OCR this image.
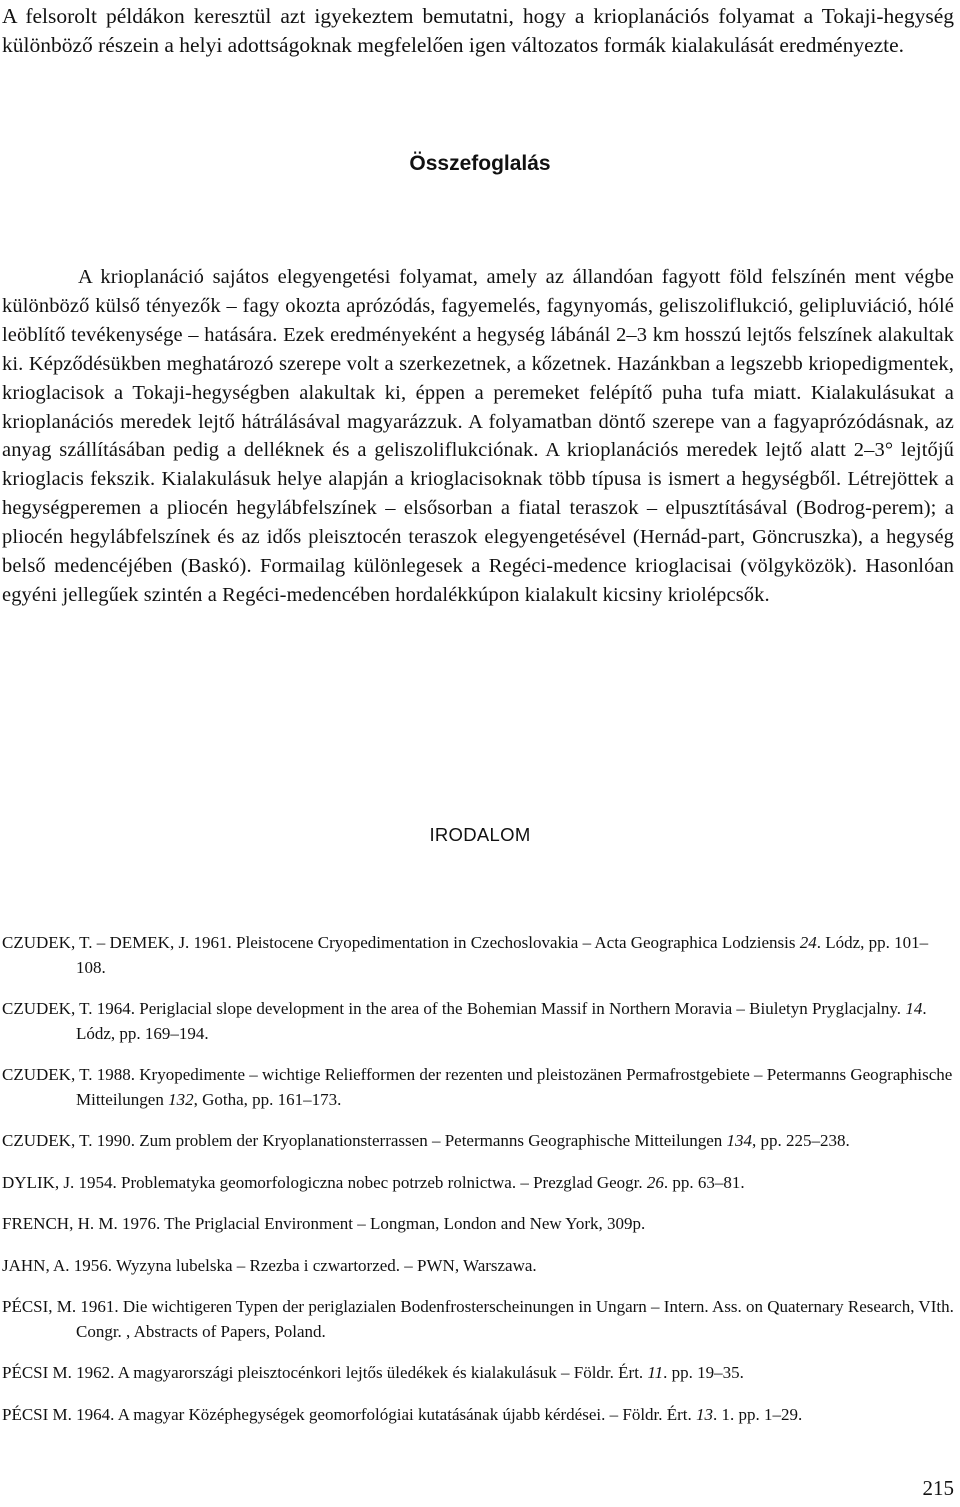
A felsorolt példákon keresztül azt igyekeztem bemutatni, hogy a krioplanációs folyamat a Tokaji-hegység különböző részein a helyi adottságoknak megfelelően igen változatos formák kialakulását eredményezte.

Összefoglalás

A krioplanáció sajátos elegyengetési folyamat, amely az állandóan fagyott föld felszínén ment végbe különböző külső tényezők – fagy okozta aprózódás, fagyemelés, fagynyomás, geliszoliflukció, gelipluviáció, hólé leöblítő tevékenysége – hatására. Ezek eredményeként a hegység lábánál 2–3 km hosszú lejtős felszínek alakultak ki. Képződésükben meghatározó szerepe volt a szerkezetnek, a kőzetnek. Hazánkban a legszebb kriopedigmentek, krioglacisok a Tokaji-hegységben alakultak ki, éppen a peremeket felépítő puha tufa miatt. Kialakulásukat a krioplanációs meredek lejtő hátrálásával magyarázzuk. A folyamatban döntő szerepe van a fagyaprózódásnak, az anyag szállításában pedig a delléknek és a geliszoliflukciónak. A krioplanációs meredek lejtő alatt 2–3° lejtőjű krioglacis fekszik. Kialakulásuk helye alapján a krioglacisoknak több típusa is ismert a hegységből. Létrejöttek a hegységperemen a pliocén hegylábfelszínek – elsősorban a fiatal teraszok – elpusztításával (Bodrog-perem); a pliocén hegylábfelszínek és az idős pleisztocén teraszok elegyengetésével (Hernád-part, Göncruszka), a hegység belső medencéjében (Baskó). Formailag különlegesek a Regéci-medence krioglacisai (völgyközök). Hasonlóan egyéni jellegűek szintén a Regéci-medencében hordalékkúpon kialakult kicsiny kriolépcsők.

IRODALOM

CZUDEK, T. – DEMEK, J. 1961. Pleistocene Cryopedimentation in Czechoslovakia – Acta Geographica Lodziensis 24. Lódz, pp. 101–108.

CZUDEK, T. 1964. Periglacial slope development in the area of the Bohemian Massif in Northern Moravia – Biuletyn Pryglacjalny. 14. Lódz, pp. 169–194.

CZUDEK, T. 1988. Kryopedimente – wichtige Reliefformen der rezenten und pleistozänen Permafrostgebiete – Petermanns Geographische Mitteilungen 132, Gotha, pp. 161–173.

CZUDEK, T. 1990. Zum problem der Kryoplanationsterrassen – Petermanns Geographische Mitteilungen 134, pp. 225–238.

DYLIK, J. 1954. Problematyka geomorfologiczna nobec potrzeb rolnictwa. – Prezglad Geogr. 26. pp. 63–81.

FRENCH, H. M. 1976. The Priglacial Environment – Longman, London and New York, 309p.

JAHN, A. 1956. Wyzyna lubelska – Rzezba i czwartorzed. – PWN, Warszawa.

PÉCSI, M. 1961. Die wichtigeren Typen der periglazialen Bodenfrosterscheinungen in Ungarn – Intern. Ass. on Quaternary Research, VIth. Congr. , Abstracts of Papers, Poland.

PÉCSI M. 1962. A magyarországi pleisztocénkori lejtős üledékek és kialakulásuk – Földr. Ért. 11. pp. 19–35.

PÉCSI M. 1964. A magyar Középhegységek geomorfológiai kutatásának újabb kérdései. – Földr. Ért. 13. 1. pp. 1–29.

215
